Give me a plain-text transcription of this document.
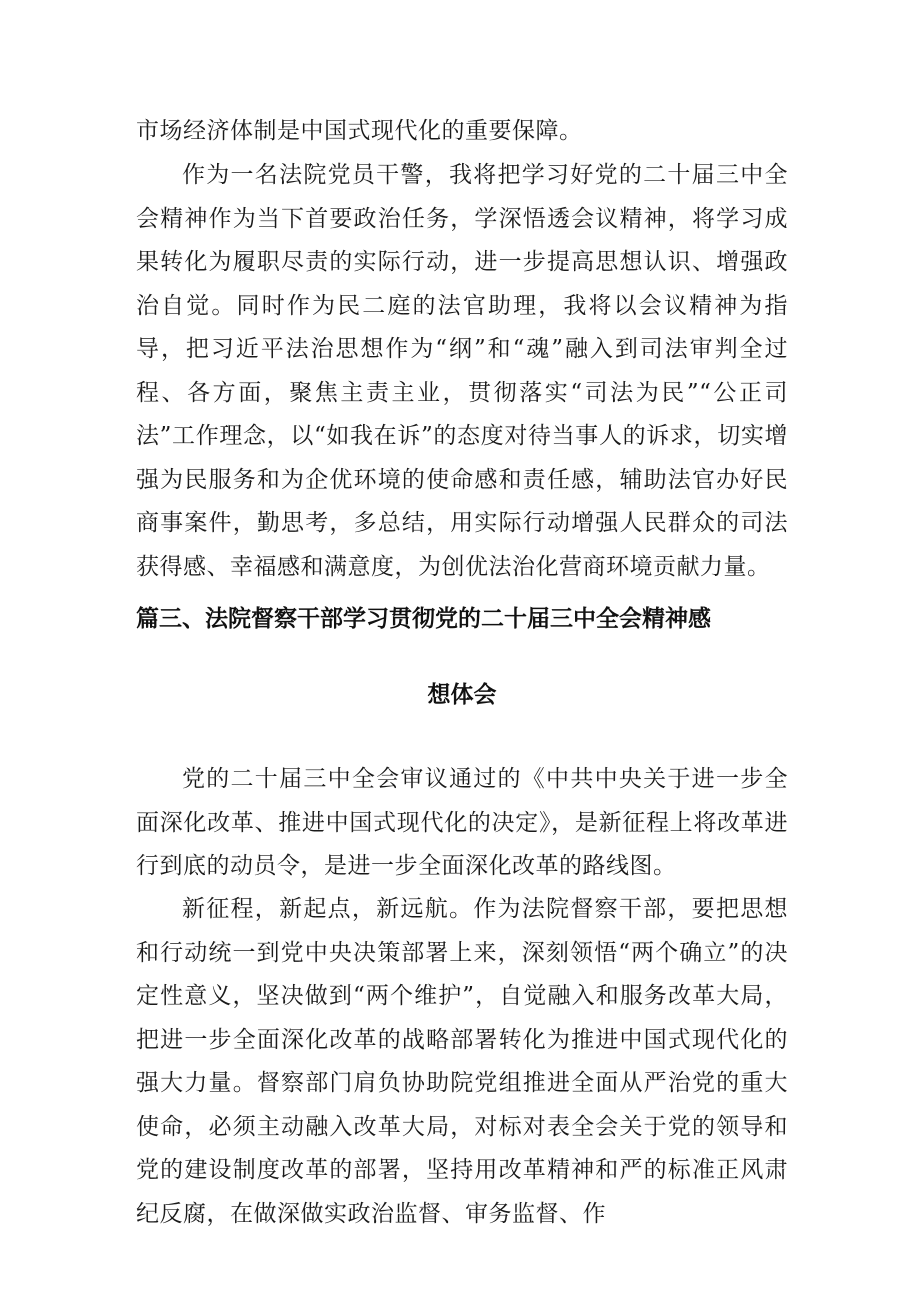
市场经济体制是中国式现代化的重要保障。

作为一名法院党员干警，我将把学习好党的二十届三中全会精神作为当下首要政治任务，学深悟透会议精神，将学习成果转化为履职尽责的实际行动，进一步提高思想认识、增强政治自觉。同时作为民二庭的法官助理，我将以会议精神为指导，把习近平法治思想作为“纲”和“魂”融入到司法审判全过程、各方面，聚焦主责主业，贯彻落实“司法为民”“公正司法”工作理念，以“如我在诉”的态度对待当事人的诉求，切实增强为民服务和为企优环境的使命感和责任感，辅助法官办好民商事案件，勤思考，多总结，用实际行动增强人民群众的司法获得感、幸福感和满意度，为创优法治化营商环境贡献力量。

篇三、法院督察干部学习贯彻党的二十届三中全会精神感
想体会

党的二十届三中全会审议通过的《中共中央关于进一步全面深化改革、推进中国式现代化的决定》，是新征程上将改革进行到底的动员令，是进一步全面深化改革的路线图。

新征程，新起点，新远航。作为法院督察干部，要把思想和行动统一到党中央决策部署上来，深刻领悟“两个确立”的决定性意义，坚决做到“两个维护”，自觉融入和服务改革大局，把进一步全面深化改革的战略部署转化为推进中国式现代化的强大力量。督察部门肩负协助院党组推进全面从严治党的重大使命，必须主动融入改革大局，对标对表全会关于党的领导和党的建设制度改革的部署，坚持用改革精神和严的标准正风肃纪反腐，在做深做实政治监督、审务监督、作
